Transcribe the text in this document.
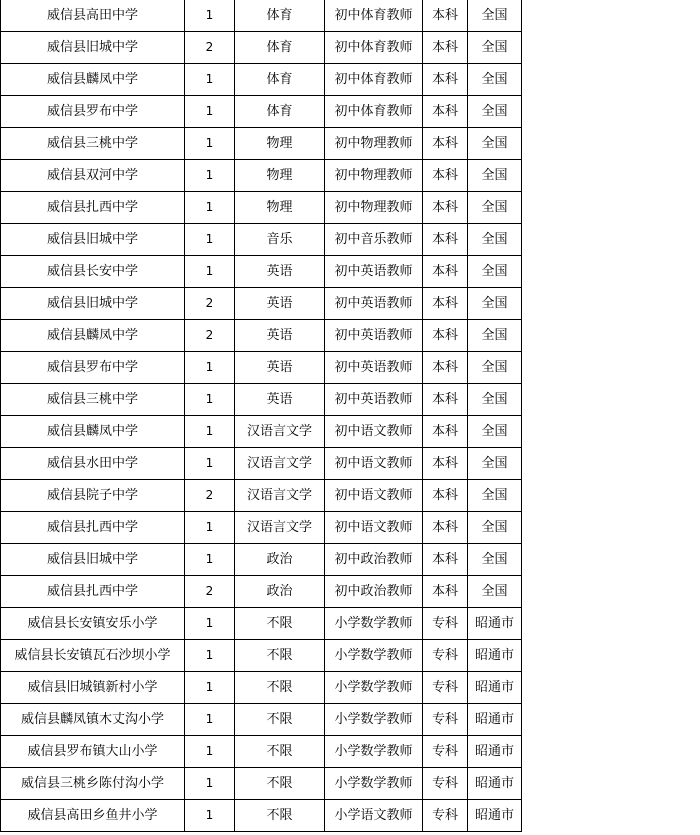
威信县高田中学	1	体育	初中体育教师	本科	全国
威信县旧城中学	2	体育	初中体育教师	本科	全国
威信县麟凤中学	1	体育	初中体育教师	本科	全国
威信县罗布中学	1	体育	初中体育教师	本科	全国
威信县三桃中学	1	物理	初中物理教师	本科	全国
威信县双河中学	1	物理	初中物理教师	本科	全国
威信县扎西中学	1	物理	初中物理教师	本科	全国
威信县旧城中学	1	音乐	初中音乐教师	本科	全国
威信县长安中学	1	英语	初中英语教师	本科	全国
威信县旧城中学	2	英语	初中英语教师	本科	全国
威信县麟凤中学	2	英语	初中英语教师	本科	全国
威信县罗布中学	1	英语	初中英语教师	本科	全国
威信县三桃中学	1	英语	初中英语教师	本科	全国
威信县麟凤中学	1	汉语言文学	初中语文教师	本科	全国
威信县水田中学	1	汉语言文学	初中语文教师	本科	全国
威信县院子中学	2	汉语言文学	初中语文教师	本科	全国
威信县扎西中学	1	汉语言文学	初中语文教师	本科	全国
威信县旧城中学	1	政治	初中政治教师	本科	全国
威信县扎西中学	2	政治	初中政治教师	本科	全国
威信县长安镇安乐小学	1	不限	小学数学教师	专科	昭通市
威信县长安镇瓦石沙坝小学	1	不限	小学数学教师	专科	昭通市
威信县旧城镇新村小学	1	不限	小学数学教师	专科	昭通市
威信县麟凤镇木丈沟小学	1	不限	小学数学教师	专科	昭通市
威信县罗布镇大山小学	1	不限	小学数学教师	专科	昭通市
威信县三桃乡陈付沟小学	1	不限	小学数学教师	专科	昭通市
威信县高田乡鱼井小学	1	不限	小学语文教师	专科	昭通市
